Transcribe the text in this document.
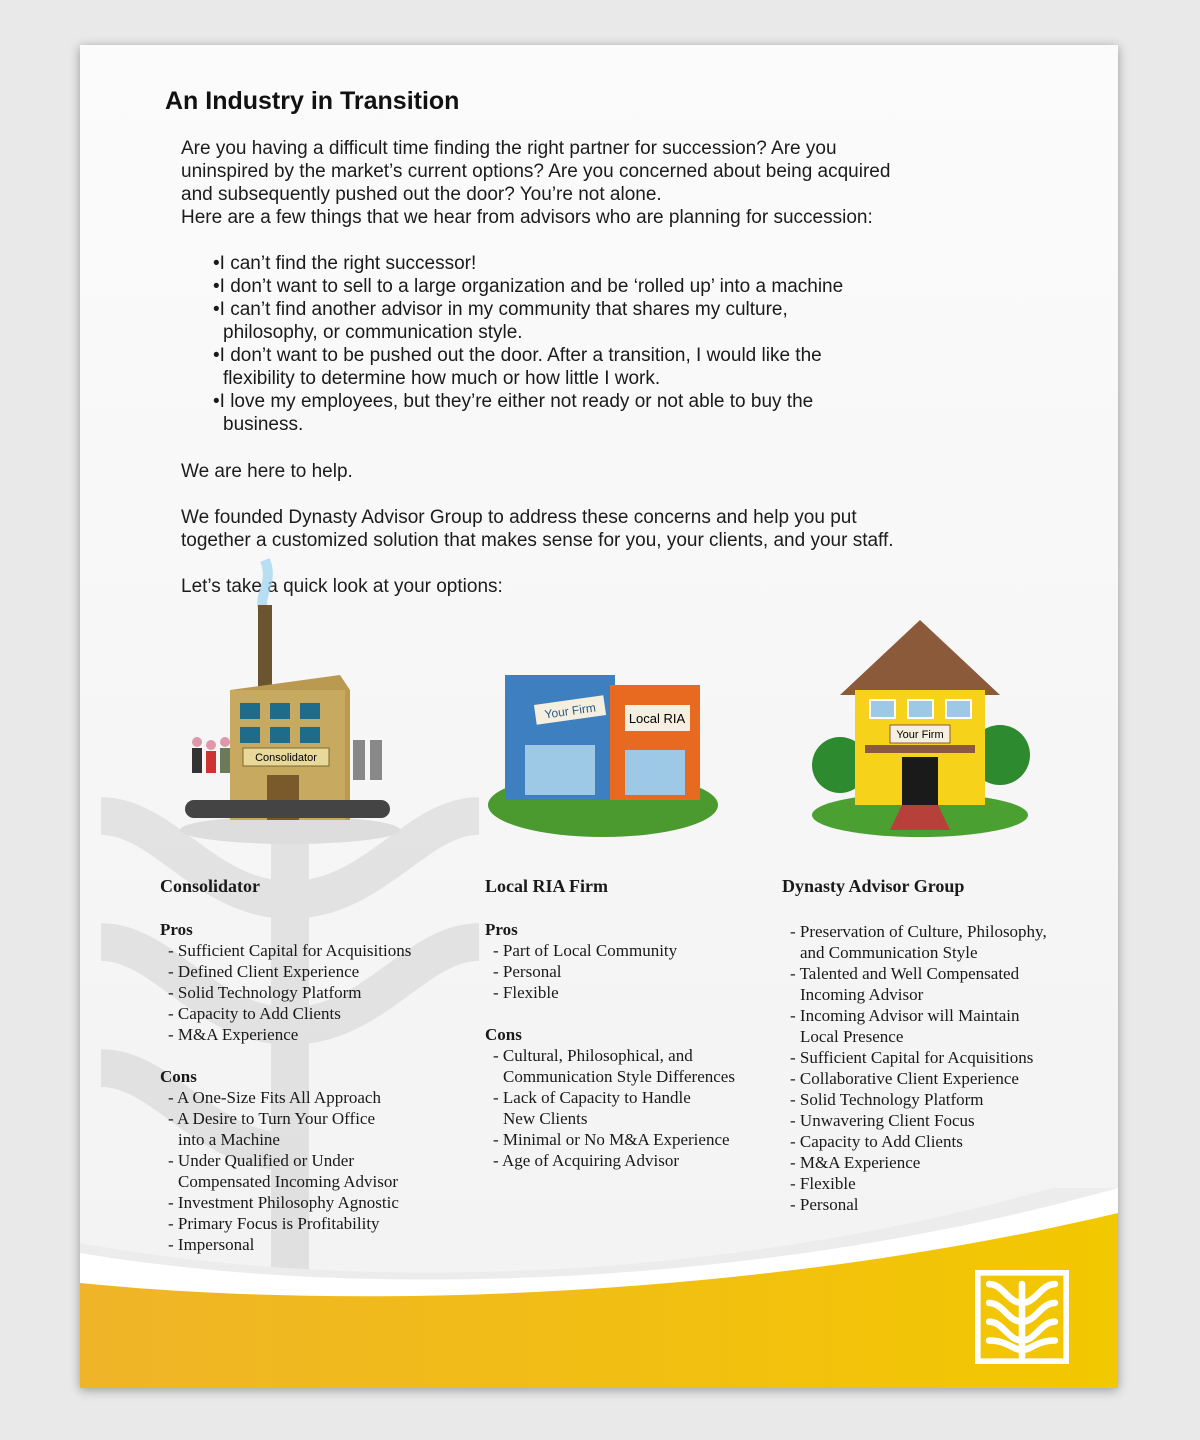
An Industry in Transition

Are you having a difficult time finding the right partner for succession? Are you
uninspired by the market’s current options? Are you concerned about being acquired
and subsequently pushed out the door? You’re not alone.
Here are a few things that we hear from advisors who are planning for succession:

• I can’t find the right successor!
• I don’t want to sell to a large organization and be ‘rolled up’ into a machine
• I can’t find another advisor in my community that shares my culture,
philosophy, or communication style.
• I don’t want to be pushed out the door. After a transition, I would like the
flexibility to determine how much or how little I work.
• I love my employees, but they’re either not ready or not able to buy the
business.

We are here to help.

We founded Dynasty Advisor Group to address these concerns and help you put
together a customized solution that makes sense for you, your clients, and your staff.

Let’s take a quick look at your options:

Consolidator
Local RIA
Your Firm
Your Firm
Consolidator
Pros
- Sufficient Capital for Acquisitions
- Defined Client Experience
- Solid Technology Platform
- Capacity to Add Clients
- M&A Experience
Cons
- A One-Size Fits All Approach
- A Desire to Turn Your Office
into a Machine
- Under Qualified or Under
Compensated Incoming Advisor
- Investment Philosophy Agnostic
- Primary Focus is Profitability
- Impersonal
Local RIA Firm
Pros
- Part of Local Community
- Personal
- Flexible
Cons
- Cultural, Philosophical, and
Communication Style Differences
- Lack of Capacity to Handle
New Clients
- Minimal or No M&A Experience
- Age of Acquiring Advisor
Dynasty Advisor Group
- Preservation of Culture, Philosophy,
and Communication Style
- Talented and Well Compensated
Incoming Advisor
- Incoming Advisor will Maintain
Local Presence
- Sufficient Capital for Acquisitions
- Collaborative Client Experience
- Solid Technology Platform
- Unwavering Client Focus
- Capacity to Add Clients
- M&A Experience
- Flexible
- Personal
